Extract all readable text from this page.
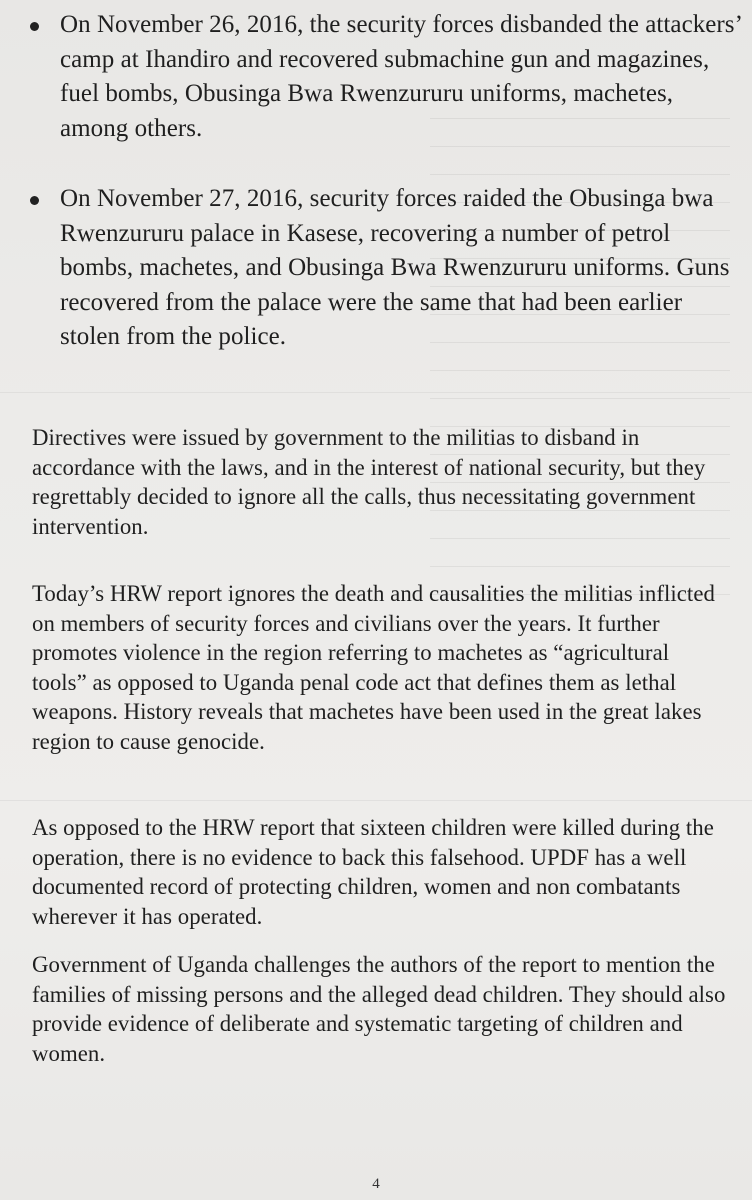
On November 26, 2016, the security forces disbanded the attackers’ camp at Ihandiro and recovered submachine gun and magazines, fuel bombs, Obusinga Bwa Rwenzururu uniforms, machetes, among others.
On November 27, 2016, security forces raided the Obusinga bwa Rwenzururu palace in Kasese, recovering a number of petrol bombs, machetes, and Obusinga Bwa Rwenzururu uniforms. Guns recovered from the palace were the same that had been earlier stolen from the police.

Directives were issued by government to the militias to disband in accordance with the laws, and in the interest of national security, but they regrettably decided to ignore all the calls, thus necessitating government intervention.

Today’s HRW report ignores the death and causalities the militias inflicted on members of security forces and civilians over the years. It further promotes violence in the region referring to machetes as “agricultural tools” as opposed to Uganda penal code act that defines them as lethal weapons. History reveals that machetes have been used in the great lakes region to cause genocide.

As opposed to the HRW report that sixteen children were killed during the operation, there is no evidence to back this falsehood. UPDF has a well documented record of protecting children, women and non combatants wherever it has operated.

Government of Uganda challenges the authors of the report to mention the families of missing persons and the alleged dead children. They should also provide evidence of deliberate and systematic targeting of children and women.

4
